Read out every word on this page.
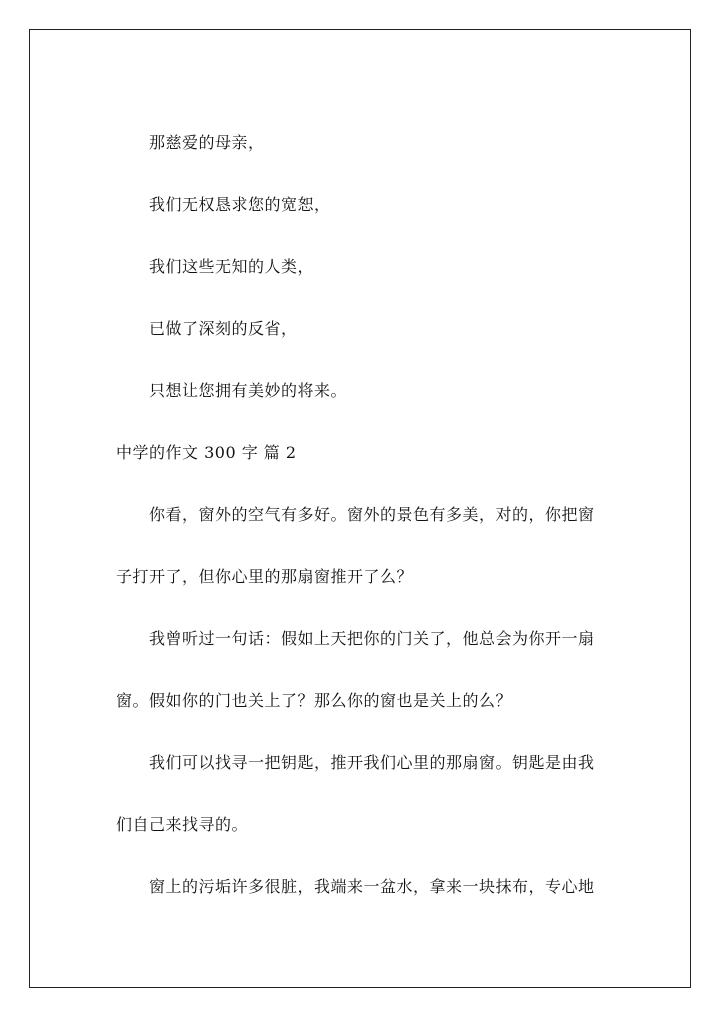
那慈爱的母亲，
我们无权恳求您的宽恕，
我们这些无知的人类，
已做了深刻的反省，
只想让您拥有美妙的将来。
中学的作文 300 字 篇 2
你看，窗外的空气有多好。窗外的景色有多美，对的，你把窗
子打开了，但你心里的那扇窗推开了么？
我曾听过一句话：假如上天把你的门关了，他总会为你开一扇
窗。假如你的门也关上了？那么你的窗也是关上的么？
我们可以找寻一把钥匙，推开我们心里的那扇窗。钥匙是由我
们自己来找寻的。
窗上的污垢许多很脏，我端来一盆水，拿来一块抹布，专心地
